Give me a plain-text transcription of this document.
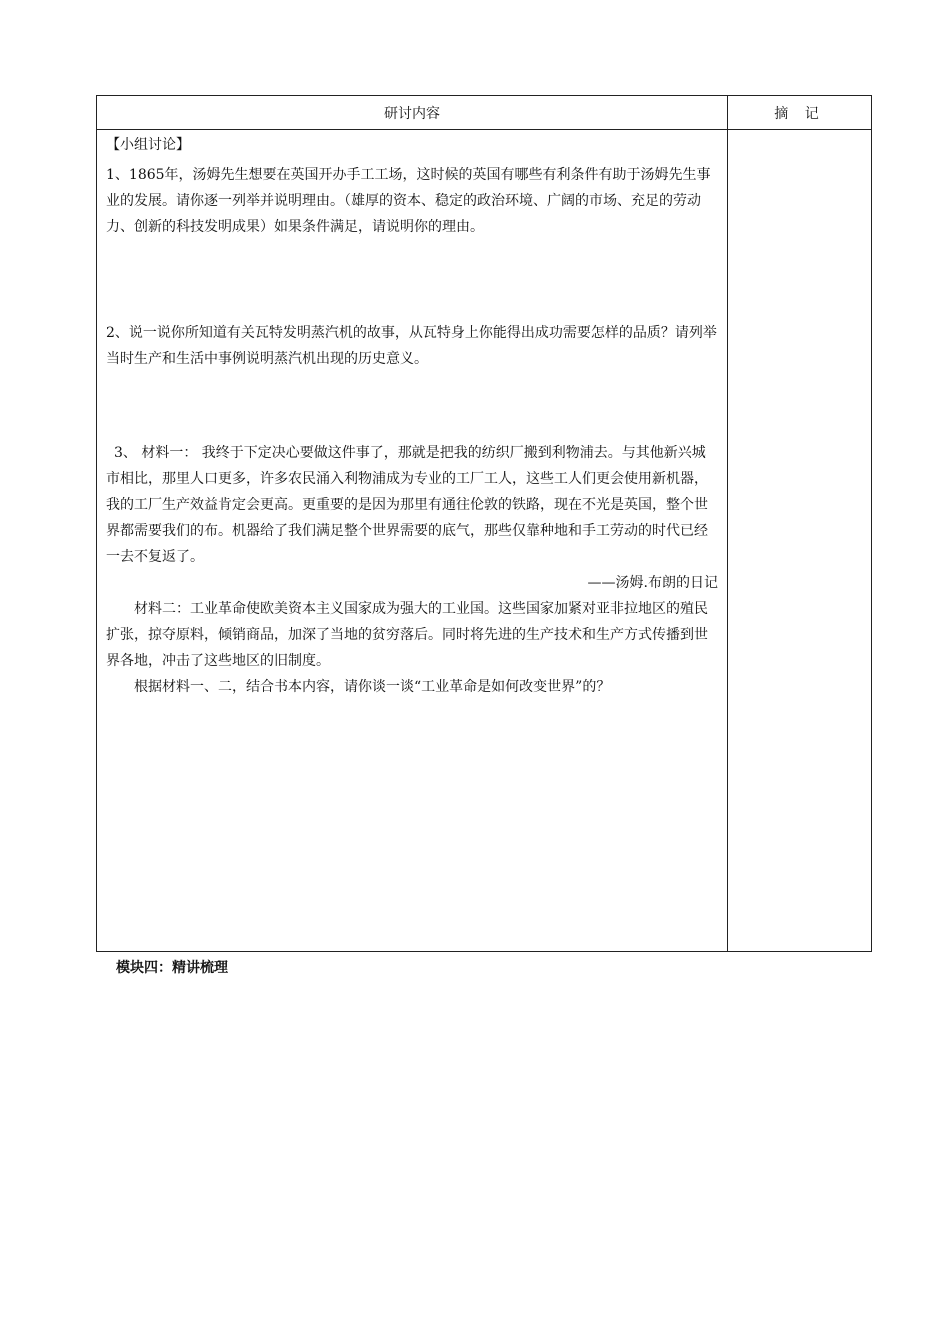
研讨内容	摘 记

【小组讨论】

1、1865年，汤姆先生想要在英国开办手工工场，这时候的英国有哪些有利条件有助于汤姆先生事业的发展。请你逐一列举并说明理由。（雄厚的资本、稳定的政治环境、广阔的市场、充足的劳动力、创新的科技发明成果）如果条件满足，请说明你的理由。

2、说一说你所知道有关瓦特发明蒸汽机的故事，从瓦特身上你能得出成功需要怎样的品质？请列举当时生产和生活中事例说明蒸汽机出现的历史意义。

3、 材料一： 我终于下定决心要做这件事了，那就是把我的纺织厂搬到利物浦去。与其他新兴城市相比，那里人口更多，许多农民涌入利物浦成为专业的工厂工人，这些工人们更会使用新机器，我的工厂生产效益肯定会更高。更重要的是因为那里有通往伦敦的铁路，现在不光是英国，整个世界都需要我们的布。机器给了我们满足整个世界需要的底气，那些仅靠种地和手工劳动的时代已经一去不复返了。

——汤姆.布朗的日记

材料二：工业革命使欧美资本主义国家成为强大的工业国。这些国家加紧对亚非拉地区的殖民扩张，掠夺原料，倾销商品，加深了当地的贫穷落后。同时将先进的生产技术和生产方式传播到世界各地，冲击了这些地区的旧制度。

根据材料一、二，结合书本内容，请你谈一谈“工业革命是如何改变世界”的？

模块四：精讲梳理
